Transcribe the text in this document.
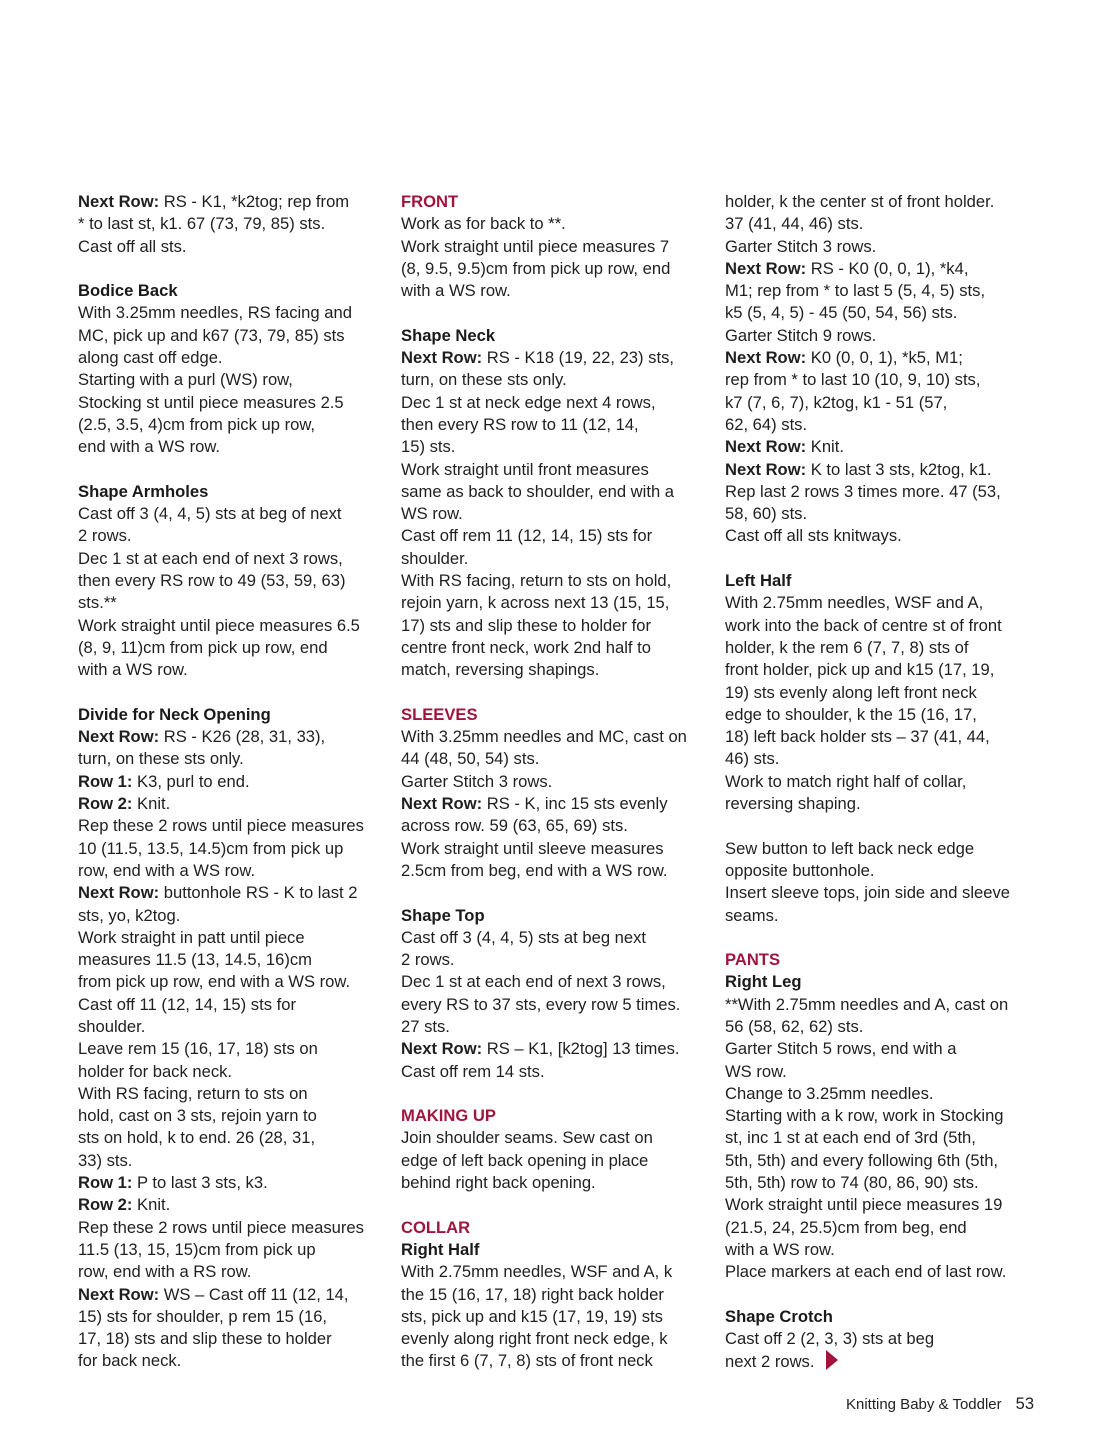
Next Row: RS - K1, *k2tog; rep from
* to last st, k1. 67 (73, 79, 85) sts.
Cast off all sts.
Bodice Back
With 3.25mm needles, RS facing and
MC, pick up and k67 (73, 79, 85) sts
along cast off edge.
Starting with a purl (WS) row,
Stocking st until piece measures 2.5
(2.5, 3.5, 4)cm from pick up row,
end with a WS row.
Shape Armholes
Cast off 3 (4, 4, 5) sts at beg of next
2 rows.
Dec 1 st at each end of next 3 rows,
then every RS row to 49 (53, 59, 63)
sts.**
Work straight until piece measures 6.5
(8, 9, 11)cm from pick up row, end
with a WS row.
Divide for Neck Opening
Next Row: RS - K26 (28, 31, 33),
turn, on these sts only.
Row 1: K3, purl to end.
Row 2: Knit.
Rep these 2 rows until piece measures
10 (11.5, 13.5, 14.5)cm from pick up
row, end with a WS row.
Next Row: buttonhole RS - K to last 2
sts, yo, k2tog.
Work straight in patt until piece
measures 11.5 (13, 14.5, 16)cm
from pick up row, end with a WS row.
Cast off 11 (12, 14, 15) sts for
shoulder.
Leave rem 15 (16, 17, 18) sts on
holder for back neck.
With RS facing, return to sts on
hold, cast on 3 sts, rejoin yarn to
sts on hold, k to end. 26 (28, 31,
33) sts.
Row 1: P to last 3 sts, k3.
Row 2: Knit.
Rep these 2 rows until piece measures
11.5 (13, 15, 15)cm from pick up
row, end with a RS row.
Next Row: WS – Cast off 11 (12, 14,
15) sts for shoulder, p rem 15 (16,
17, 18) sts and slip these to holder
for back neck.
FRONT
Work as for back to **.
Work straight until piece measures 7
(8, 9.5, 9.5)cm from pick up row, end
with a WS row.
Shape Neck
Next Row: RS - K18 (19, 22, 23) sts,
turn, on these sts only.
Dec 1 st at neck edge next 4 rows,
then every RS row to 11 (12, 14,
15) sts.
Work straight until front measures
same as back to shoulder, end with a
WS row.
Cast off rem 11 (12, 14, 15) sts for
shoulder.
With RS facing, return to sts on hold,
rejoin yarn, k across next 13 (15, 15,
17) sts and slip these to holder for
centre front neck, work 2nd half to
match, reversing shapings.
SLEEVES
With 3.25mm needles and MC, cast on
44 (48, 50, 54) sts.
Garter Stitch 3 rows.
Next Row: RS - K, inc 15 sts evenly
across row. 59 (63, 65, 69) sts.
Work straight until sleeve measures
2.5cm from beg, end with a WS row.
Shape Top
Cast off 3 (4, 4, 5) sts at beg next
2 rows.
Dec 1 st at each end of next 3 rows,
every RS to 37 sts, every row 5 times.
27 sts.
Next Row: RS – K1, [k2tog] 13 times.
Cast off rem 14 sts.
MAKING UP
Join shoulder seams. Sew cast on
edge of left back opening in place
behind right back opening.
COLLAR
Right Half
With 2.75mm needles, WSF and A, k
the 15 (16, 17, 18) right back holder
sts, pick up and k15 (17, 19, 19) sts
evenly along right front neck edge, k
the first 6 (7, 7, 8) sts of front neck
holder, k the center st of front holder.
37 (41, 44, 46) sts.
Garter Stitch 3 rows.
Next Row: RS - K0 (0, 0, 1), *k4,
M1; rep from * to last 5 (5, 4, 5) sts,
k5 (5, 4, 5) - 45 (50, 54, 56) sts.
Garter Stitch 9 rows.
Next Row: K0 (0, 0, 1), *k5, M1;
rep from * to last 10 (10, 9, 10) sts,
k7 (7, 6, 7), k2tog, k1 - 51 (57,
62, 64) sts.
Next Row: Knit.
Next Row: K to last 3 sts, k2tog, k1.
Rep last 2 rows 3 times more. 47 (53,
58, 60) sts.
Cast off all sts knitways.
Left Half
With 2.75mm needles, WSF and A,
work into the back of centre st of front
holder, k the rem 6 (7, 7, 8) sts of
front holder, pick up and k15 (17, 19,
19) sts evenly along left front neck
edge to shoulder, k the 15 (16, 17,
18) left back holder sts – 37 (41, 44,
46) sts.
Work to match right half of collar,
reversing shaping.
Sew button to left back neck edge
opposite buttonhole.
Insert sleeve tops, join side and sleeve
seams.
PANTS
Right Leg
**With 2.75mm needles and A, cast on
56 (58, 62, 62) sts.
Garter Stitch 5 rows, end with a
WS row.
Change to 3.25mm needles.
Starting with a k row, work in Stocking
st, inc 1 st at each end of 3rd (5th,
5th, 5th) and every following 6th (5th,
5th, 5th) row to 74 (80, 86, 90) sts.
Work straight until piece measures 19
(21.5, 24, 25.5)cm from beg, end
with a WS row.
Place markers at each end of last row.
Shape Crotch
Cast off 2 (2, 3, 3) sts at beg
next 2 rows.
Knitting Baby & Toddler 53
